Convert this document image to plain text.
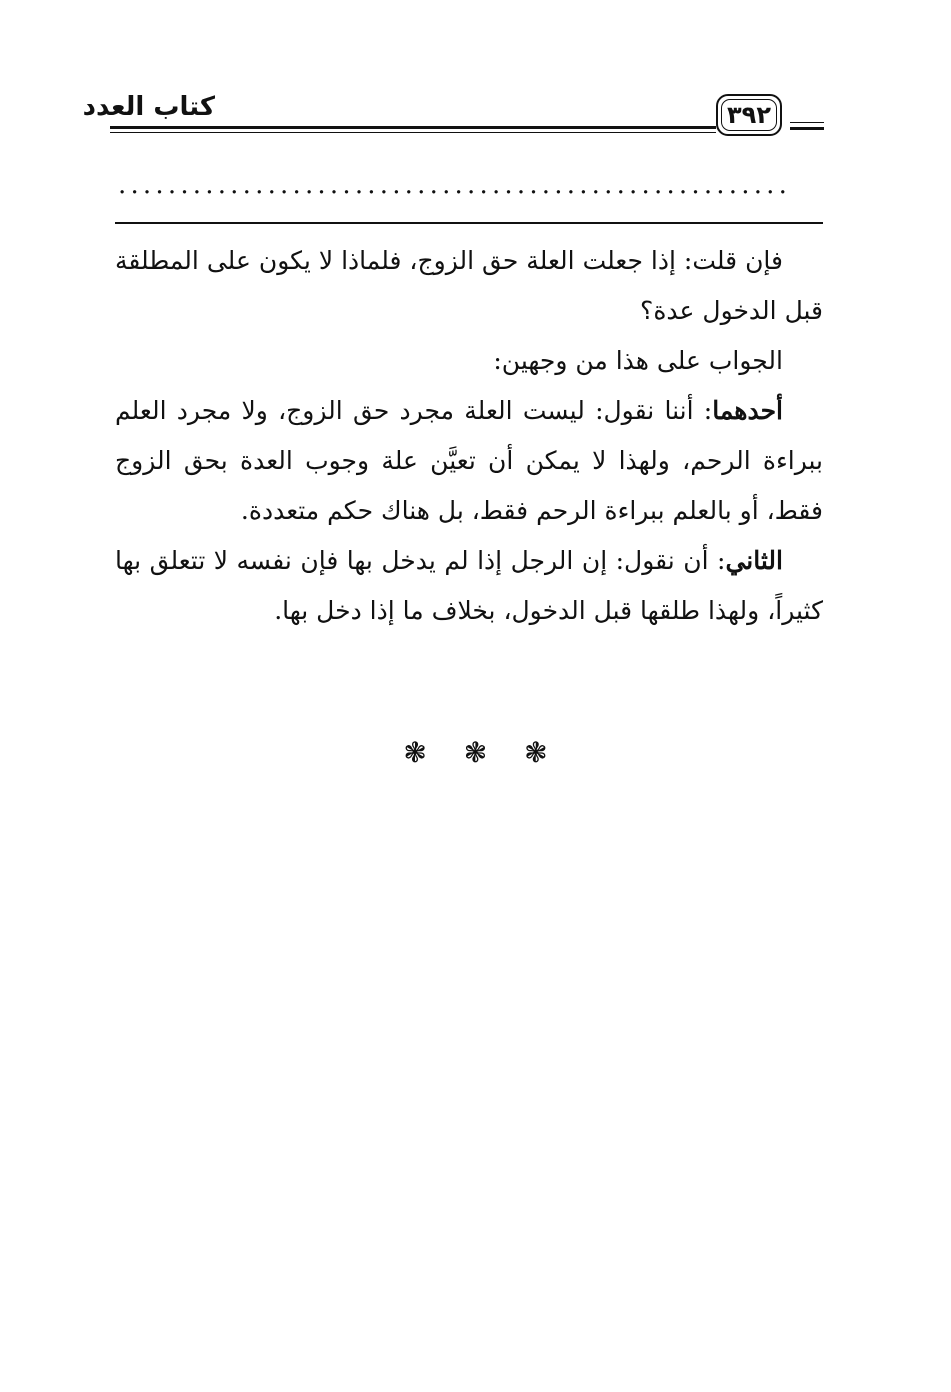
كتاب العدد	٣٩٢
......................................................

فإن قلت: إذا جعلت العلة حق الزوج، فلماذا لا يكون على المطلقة قبل الدخول عدة؟

الجواب على هذا من وجهين:

أحدهما: أننا نقول: ليست العلة مجرد حق الزوج، ولا مجرد العلم ببراءة الرحم، ولهذا لا يمكن أن تعيَّن علة وجوب العدة بحق الزوج فقط، أو بالعلم ببراءة الرحم فقط، بل هناك حكم متعددة.

الثاني: أن نقول: إن الرجل إذا لم يدخل بها فإن نفسه لا تتعلق بها كثيراً، ولهذا طلقها قبل الدخول، بخلاف ما إذا دخل بها.

❃ ❃ ❃
